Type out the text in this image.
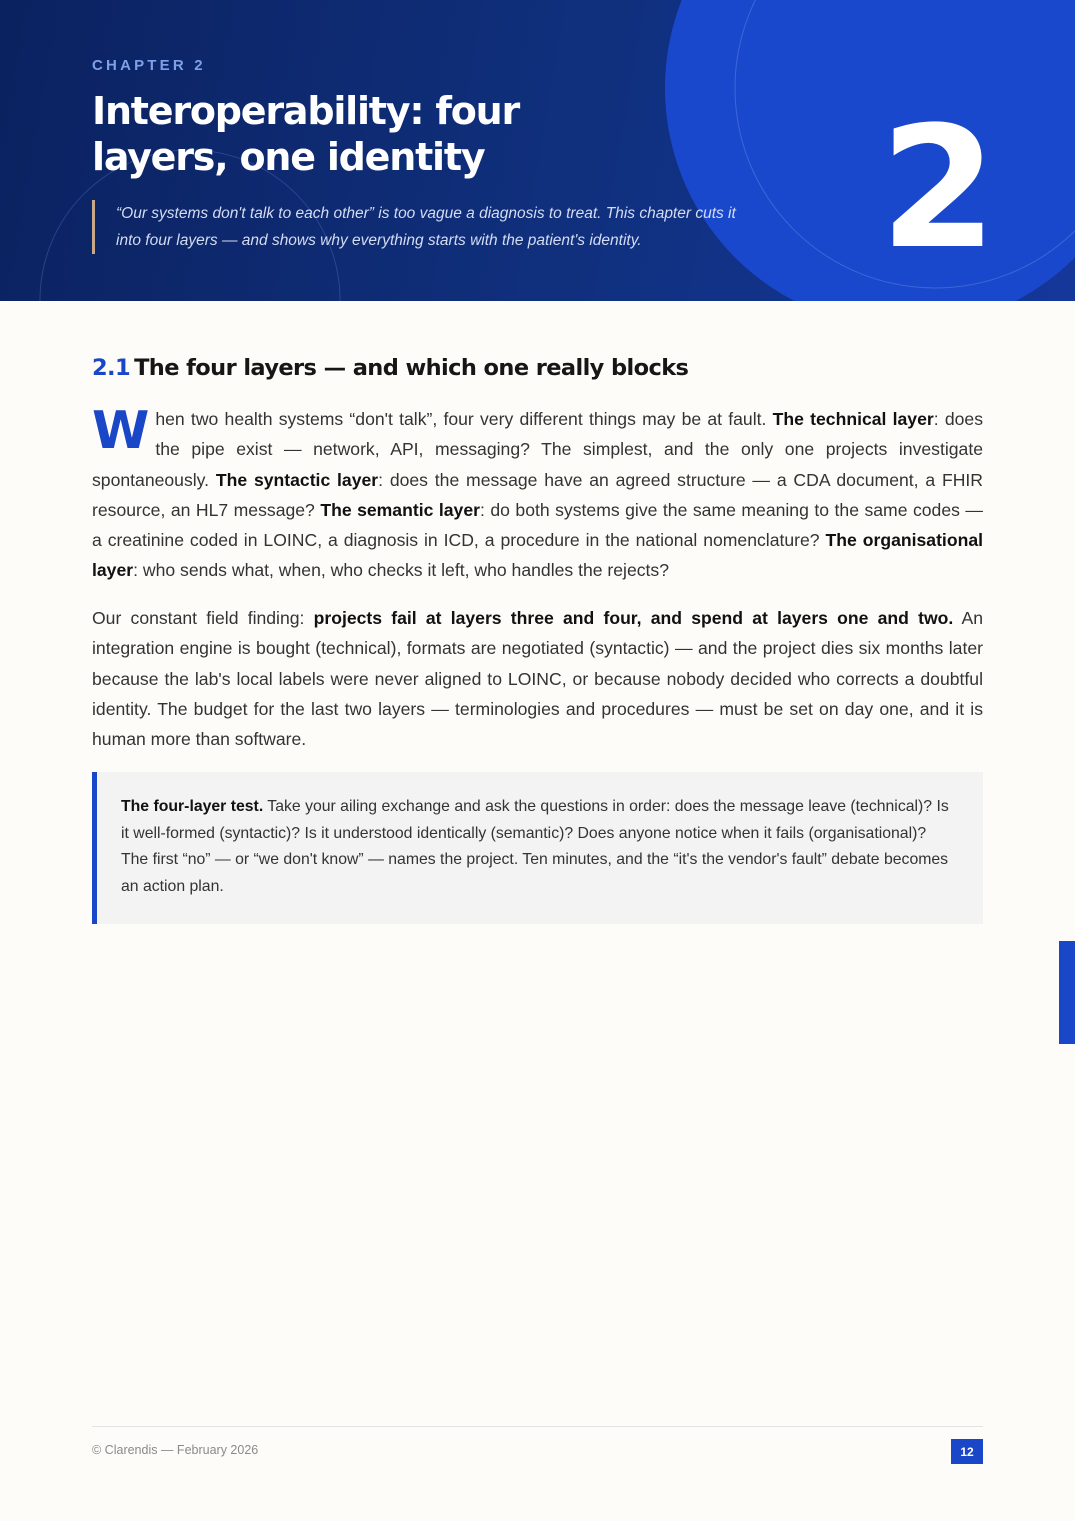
CHAPTER 2
Interoperability: four layers, one identity

“Our systems don't talk to each other” is too vague a diagnosis to treat. This chapter cuts it into four layers — and shows why everything starts with the patient's identity.	2
2.1 The four layers — and which one really blocks

When two health systems “don't talk”, four very different things may be at fault. The technical layer: does the pipe exist — network, API, messaging? The simplest, and the only one projects investigate spontaneously. The syntactic layer: does the message have an agreed structure — a CDA document, a FHIR resource, an HL7 message? The semantic layer: do both systems give the same meaning to the same codes — a creatinine coded in LOINC, a diagnosis in ICD, a procedure in the national nomenclature? The organisational layer: who sends what, when, who checks it left, who handles the rejects?

Our constant field finding: projects fail at layers three and four, and spend at layers one and two. An integration engine is bought (technical), formats are negotiated (syntactic) — and the project dies six months later because the lab's local labels were never aligned to LOINC, or because nobody decided who corrects a doubtful identity. The budget for the last two layers — terminologies and procedures — must be set on day one, and it is human more than software.

The four-layer test. Take your ailing exchange and ask the questions in order: does the message leave (technical)? Is it well-formed (syntactic)? Is it understood identically (semantic)? Does anyone notice when it fails (organisational)? The first “no” — or “we don't know” — names the project. Ten minutes, and the “it's the vendor's fault” debate becomes an action plan.
© Clarendis — February 2026	12
